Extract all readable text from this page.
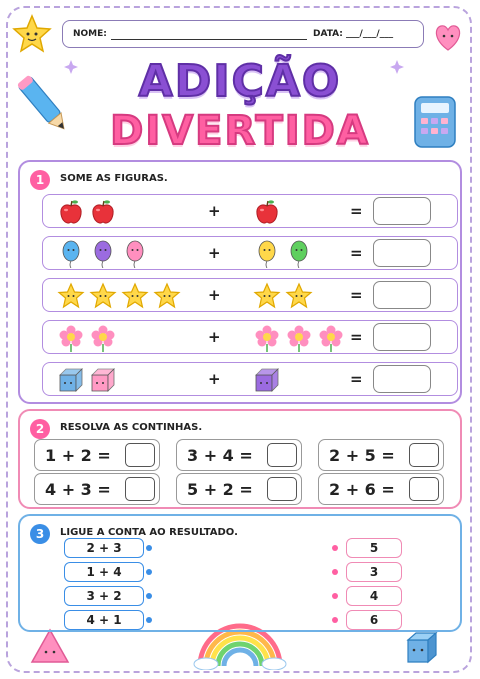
NOME:	DATA: ___/___/___
ADIÇÃO
DIVERTIDA
1	SOME AS FIGURAS.
+	=
+	=
+	=
+	=
+	=
2	RESOLVA AS CONTINHAS.
1 + 2 =	3 + 4 =	2 + 5 =
4 + 3 =	5 + 2 =	2 + 6 =
3	LIGUE A CONTA AO RESULTADO.
2 + 3
1 + 4
3 + 2
4 + 1
5
3
4
6
